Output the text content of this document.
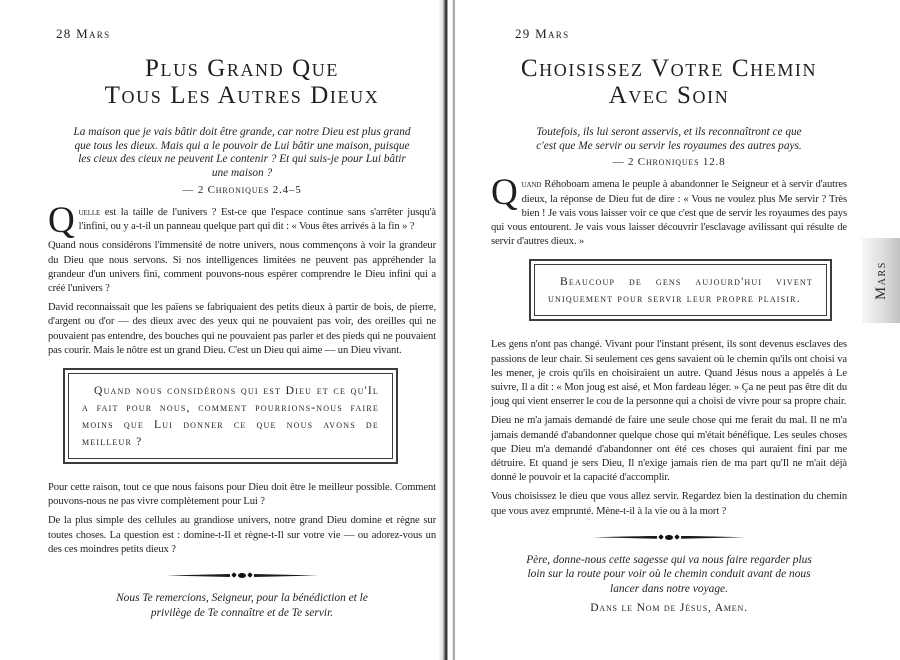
28 Mars
Plus Grand Que
Tous Les Autres Dieux
La maison que je vais bâtir doit être grande, car notre Dieu est plus grand que tous les dieux. Mais qui a le pouvoir de Lui bâtir une maison, puisque les cieux des cieux ne peuvent Le contenir ? Et qui suis-je pour Lui bâtir une maison ?
— 2 Chroniques 2.4–5

Quelle est la taille de l'univers ? Est-ce que l'espace continue sans s'arrêter jusqu'à l'infini, ou y a-t-il un panneau quelque part qui dit : « Vous êtes arrivés à la fin » ?

Quand nous considérons l'immensité de notre univers, nous commençons à voir la grandeur du Dieu que nous servons. Si nos intelligences limitées ne peuvent pas appréhender la grandeur d'un univers fini, comment pouvons-nous espérer comprendre le Dieu infini qui a créé l'univers ?

David reconnaissait que les païens se fabriquaient des petits dieux à partir de bois, de pierre, d'argent ou d'or — des dieux avec des yeux qui ne pouvaient pas voir, des oreilles qui ne pouvaient pas entendre, des bouches qui ne pouvaient pas parler et des pieds qui ne pouvaient pas courir. Mais le nôtre est un grand Dieu. C'est un Dieu qui aime — un Dieu vivant.

Quand nous considérons qui est Dieu et ce qu'Il a fait pour nous, comment pourrions-nous faire moins que Lui donner ce que nous avons de meilleur ?

Pour cette raison, tout ce que nous faisons pour Dieu doit être le meilleur possible. Comment pouvons-nous ne pas vivre complètement pour Lui ?

De la plus simple des cellules au grandiose univers, notre grand Dieu domine et règne sur toutes choses. La question est : domine-t-Il et règne-t-Il sur votre vie — ou adorez-vous un des ces moindres petits dieux ?

Nous Te remercions, Seigneur, pour la bénédiction et le privilège de Te connaître et de Te servir.
29 Mars
Choisissez Votre Chemin
Avec Soin
Toutefois, ils lui seront asservis, et ils reconnaîtront ce que c'est que Me servir ou servir les royaumes des autres pays.
— 2 Chroniques 12.8

Quand Réhoboam amena le peuple à abandonner le Seigneur et à servir d'autres dieux, la réponse de Dieu fut de dire : « Vous ne voulez plus Me servir ? Très bien ! Je vais vous laisser voir ce que c'est que de servir les royaumes des pays qui vous entourent. Je vais vous laisser découvrir l'esclavage avilissant qui résulte de servir d'autres dieux. »

Beaucoup de gens aujourd'hui vivent uniquement pour servir leur propre plaisir.

Les gens n'ont pas changé. Vivant pour l'instant présent, ils sont devenus esclaves des passions de leur chair. Si seulement ces gens savaient où le chemin qu'ils ont choisi va les mener, je crois qu'ils en choisiraient un autre. Quand Jésus nous a appelés à Le suivre, Il a dit : « Mon joug est aisé, et Mon fardeau léger. » Ça ne peut pas être dit du joug qui vient enserrer le cou de la personne qui a choisi de vivre pour sa propre chair.

Dieu ne m'a jamais demandé de faire une seule chose qui me ferait du mal. Il ne m'a jamais demandé d'abandonner quelque chose qui m'était bénéfique. Les seules choses que Dieu m'a demandé d'abandonner ont été ces choses qui auraient fini par me détruire. Et quand je sers Dieu, Il n'exige jamais rien de ma part qu'Il ne m'ait déjà donné le pouvoir et la capacité d'accomplir.

Vous choisissez le dieu que vous allez servir. Regardez bien la destination du chemin que vous avez emprunté. Mène-t-il à la vie ou à la mort ?

Père, donne-nous cette sagesse qui va nous faire regarder plus loin sur la route pour voir où le chemin conduit avant de nous lancer dans notre voyage.
Dans le Nom de Jésus, Amen.
Mars
